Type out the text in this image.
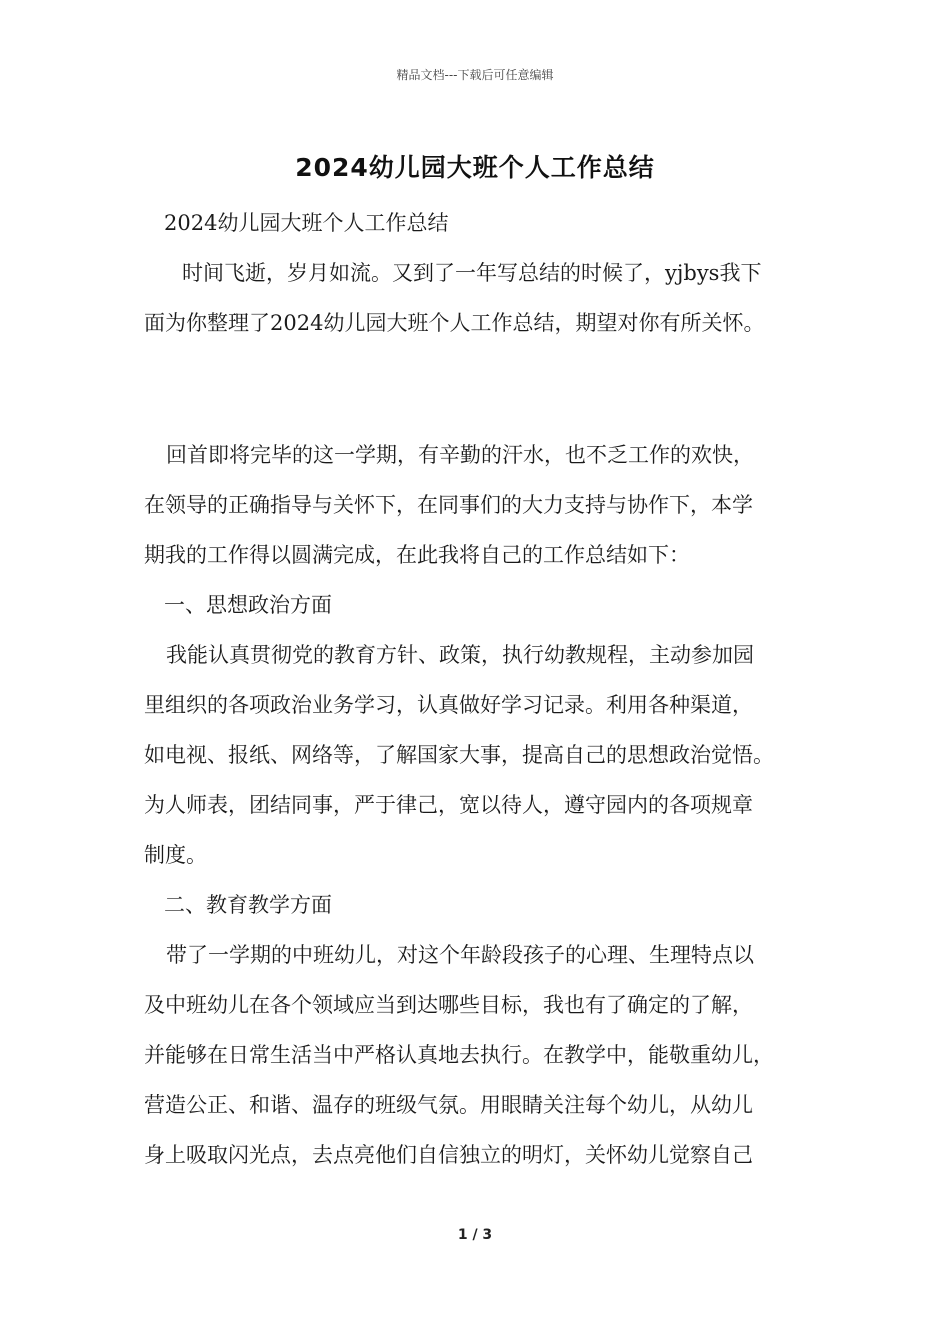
精品文档---下载后可任意编辑
2024幼儿园大班个人工作总结

2024幼儿园大班个人工作总结

时间飞逝，岁月如流。又到了一年写总结的时候了，yjbys我下

面为你整理了2024幼儿园大班个人工作总结，期望对你有所关怀。

回首即将完毕的这一学期，有辛勤的汗水，也不乏工作的欢快，

在领导的正确指导与关怀下，在同事们的大力支持与协作下，本学

期我的工作得以圆满完成，在此我将自己的工作总结如下：

一、思想政治方面

我能认真贯彻党的教育方针、政策，执行幼教规程，主动参加园

里组织的各项政治业务学习，认真做好学习记录。利用各种渠道，

如电视、报纸、网络等，了解国家大事，提高自己的思想政治觉悟。

为人师表，团结同事，严于律己，宽以待人，遵守园内的各项规章

制度。

二、教育教学方面

带了一学期的中班幼儿，对这个年龄段孩子的心理、生理特点以

及中班幼儿在各个领域应当到达哪些目标，我也有了确定的了解，

并能够在日常生活当中严格认真地去执行。在教学中，能敬重幼儿，

营造公正、和谐、温存的班级气氛。用眼睛关注每个幼儿，从幼儿

身上吸取闪光点，去点亮他们自信独立的明灯，关怀幼儿觉察自己

1 / 3
